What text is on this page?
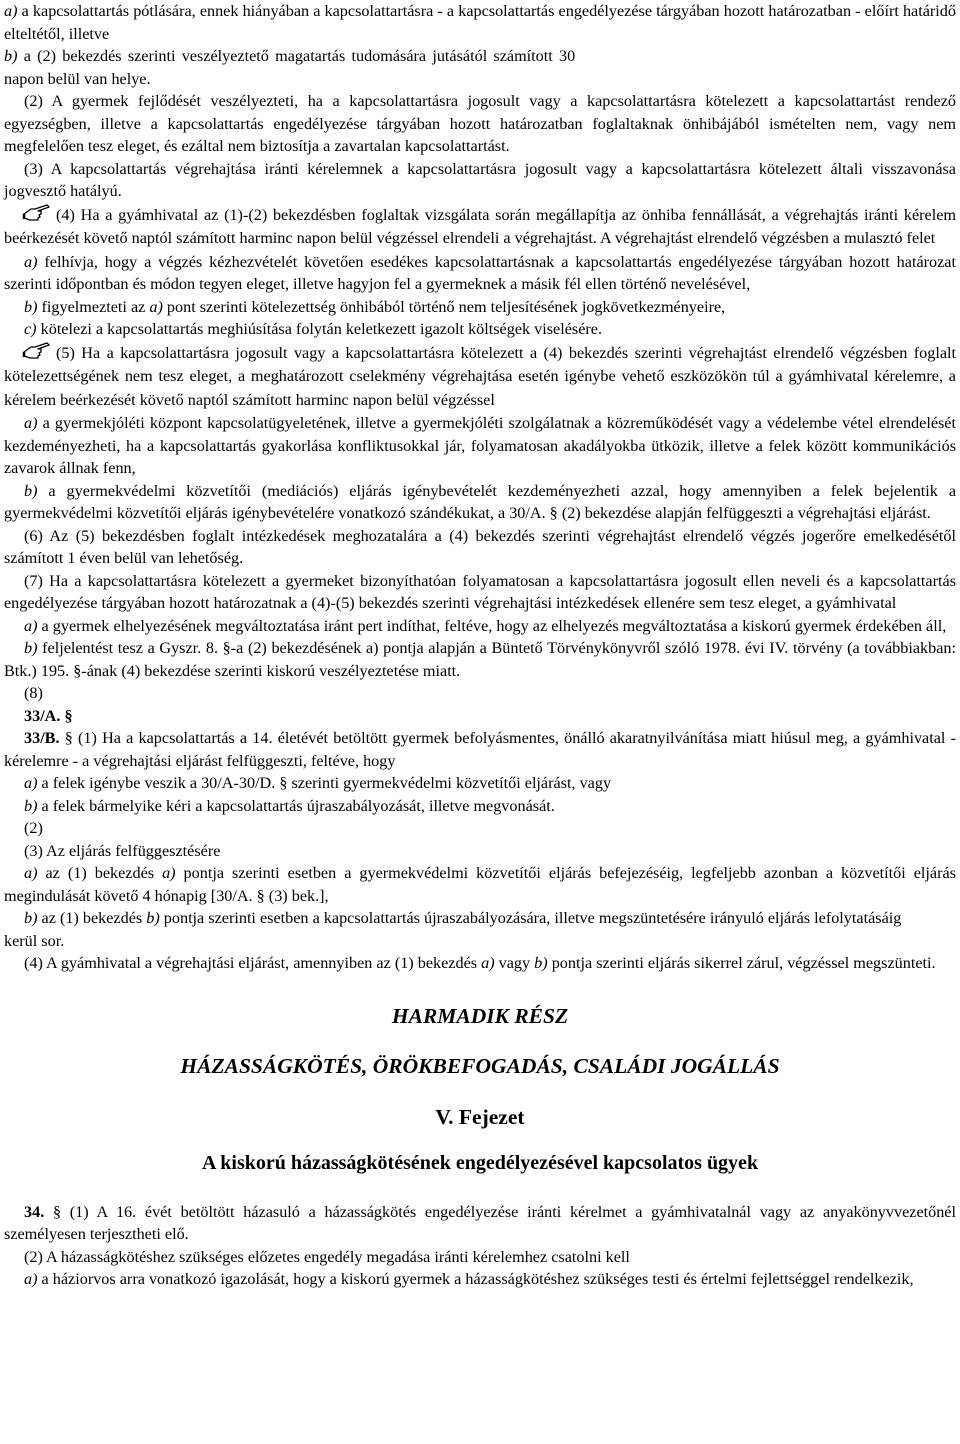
a) a kapcsolattartás pótlására, ennek hiányában a kapcsolattartásra - a kapcsolattartás engedélyezése tárgyában hozott határozatban - előírt határidő elteltétől, illetve
b) a (2) bekezdés szerinti veszélyeztető magatartás tudomására jutásától számított 30 napon belül van helye.
(2) A gyermek fejlődését veszélyezteti, ha a kapcsolattartásra jogosult vagy a kapcsolattartásra kötelezett a kapcsolattartást rendező egyezségben, illetve a kapcsolattartás engedélyezése tárgyában hozott határozatban foglaltaknak önhibájából ismételten nem, vagy nem megfelelően tesz eleget, és ezáltal nem biztosítja a zavartalan kapcsolattartást.
(3) A kapcsolattartás végrehajtása iránti kérelemnek a kapcsolattartásra jogosult vagy a kapcsolattartásra kötelezett általi visszavonása jogvesztő hatályú.
(4) Ha a gyámhivatal az (1)-(2) bekezdésben foglaltak vizsgálata során megállapítja az önhiba fennállását, a végrehajtás iránti kérelem beérkezését követő naptól számított harminc napon belül végzéssel elrendeli a végrehajtást. A végrehajtást elrendelő végzésben a mulasztó felet
a) felhívja, hogy a végzés kézhezvételét követően esedékes kapcsolattartásnak a kapcsolattartás engedélyezése tárgyában hozott határozat szerinti időpontban és módon tegyen eleget, illetve hagyjon fel a gyermeknek a másik fél ellen történő nevelésével,
b) figyelmezteti az a) pont szerinti kötelezettség önhibából történő nem teljesítésének jogkövetkezményeire,
c) kötelezi a kapcsolattartás meghiúsítása folytán keletkezett igazolt költségek viselésére.
(5) Ha a kapcsolattartásra jogosult vagy a kapcsolattartásra kötelezett a (4) bekezdés szerinti végrehajtást elrendelő végzésben foglalt kötelezettségének nem tesz eleget, a meghatározott cselekmény végrehajtása esetén igénybe vehető eszközökön túl a gyámhivatal kérelemre, a kérelem beérkezését követő naptól számított harminc napon belül végzéssel
a) a gyermekjóléti központ kapcsolatügyeletének, illetve a gyermekjóléti szolgálatnak a közreműködését vagy a védelembe vétel elrendelését kezdeményezheti, ha a kapcsolattartás gyakorlása konfliktusokkal jár, folyamatosan akadályokba ütközik, illetve a felek között kommunikációs zavarok állnak fenn,
b) a gyermekvédelmi közvetítői (mediációs) eljárás igénybevételét kezdeményezheti azzal, hogy amennyiben a felek bejelentik a gyermekvédelmi közvetítői eljárás igénybevételére vonatkozó szándékukat, a 30/A. § (2) bekezdése alapján felfüggeszti a végrehajtási eljárást.
(6) Az (5) bekezdésben foglalt intézkedések meghozatalára a (4) bekezdés szerinti végrehajtást elrendelő végzés jogerőre emelkedésétől számított 1 éven belül van lehetőség.
(7) Ha a kapcsolattartásra kötelezett a gyermeket bizonyíthatóan folyamatosan a kapcsolattartásra jogosult ellen neveli és a kapcsolattartás engedélyezése tárgyában hozott határozatnak a (4)-(5) bekezdés szerinti végrehajtási intézkedések ellenére sem tesz eleget, a gyámhivatal
a) a gyermek elhelyezésének megváltoztatása iránt pert indíthat, feltéve, hogy az elhelyezés megváltoztatása a kiskorú gyermek érdekében áll,
b) feljelentést tesz a Gyszr. 8. §-a (2) bekezdésének a) pontja alapján a Büntető Törvénykönyvről szóló 1978. évi IV. törvény (a továbbiakban: Btk.) 195. §-ának (4) bekezdése szerinti kiskorú veszélyeztetése miatt.
(8)
33/A. §
33/B. § (1) Ha a kapcsolattartás a 14. életévét betöltött gyermek befolyásmentes, önálló akaratnyilvánítása miatt hiúsul meg, a gyámhivatal - kérelemre - a végrehajtási eljárást felfüggeszti, feltéve, hogy
a) a felek igénybe veszik a 30/A-30/D. § szerinti gyermekvédelmi közvetítői eljárást, vagy
b) a felek bármelyike kéri a kapcsolattartás újraszabályozását, illetve megvonását.
(2)
(3) Az eljárás felfüggesztésére
a) az (1) bekezdés a) pontja szerinti esetben a gyermekvédelmi közvetítői eljárás befejezéséig, legfeljebb azonban a közvetítői eljárás megindulását követő 4 hónapig [30/A. § (3) bek.],
b) az (1) bekezdés b) pontja szerinti esetben a kapcsolattartás újraszabályozására, illetve megszüntetésére irányuló eljárás lefolytatásáig
kerül sor.
(4) A gyámhivatal a végrehajtási eljárást, amennyiben az (1) bekezdés a) vagy b) pontja szerinti eljárás sikerrel zárul, végzéssel megszünteti.
HARMADIK RÉSZ
HÁZASSÁGKÖTÉS, ÖRÖKBEFOGADÁS, CSALÁDI JOGÁLLÁS
V. Fejezet
A kiskorú házasságkötésének engedélyezésével kapcsolatos ügyek
34. § (1) A 16. évét betöltött házasuló a házasságkötés engedélyezése iránti kérelmet a gyámhivatalnál vagy az anyakönyvvezetőnél személyesen terjesztheti elő.
(2) A házasságkötéshez szükséges előzetes engedély megadása iránti kérelemhez csatolni kell
a) a háziorvos arra vonatkozó igazolását, hogy a kiskorú gyermek a házasságkötéshez szükséges testi és értelmi fejlettséggel rendelkezik,
